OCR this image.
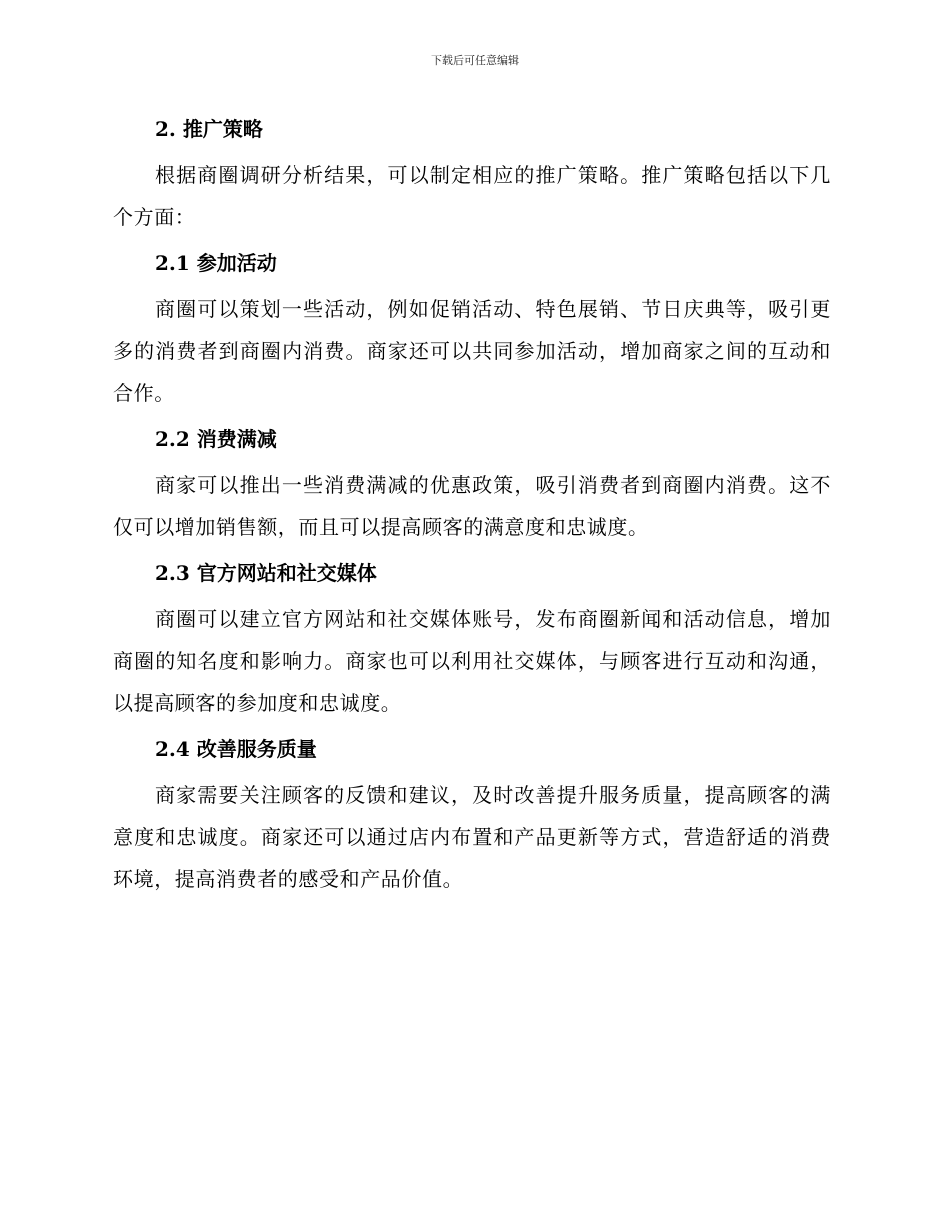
下载后可任意编辑
2. 推广策略

根据商圈调研分析结果，可以制定相应的推广策略。推广策略包括以下几个方面：

2.1 参加活动

商圈可以策划一些活动，例如促销活动、特色展销、节日庆典等，吸引更多的消费者到商圈内消费。商家还可以共同参加活动，增加商家之间的互动和合作。

2.2 消费满减

商家可以推出一些消费满减的优惠政策，吸引消费者到商圈内消费。这不仅可以增加销售额，而且可以提高顾客的满意度和忠诚度。

2.3 官方网站和社交媒体

商圈可以建立官方网站和社交媒体账号，发布商圈新闻和活动信息，增加商圈的知名度和影响力。商家也可以利用社交媒体，与顾客进行互动和沟通，以提高顾客的参加度和忠诚度。

2.4 改善服务质量

商家需要关注顾客的反馈和建议，及时改善提升服务质量，提高顾客的满意度和忠诚度。商家还可以通过店内布置和产品更新等方式，营造舒适的消费环境，提高消费者的感受和产品价值。
